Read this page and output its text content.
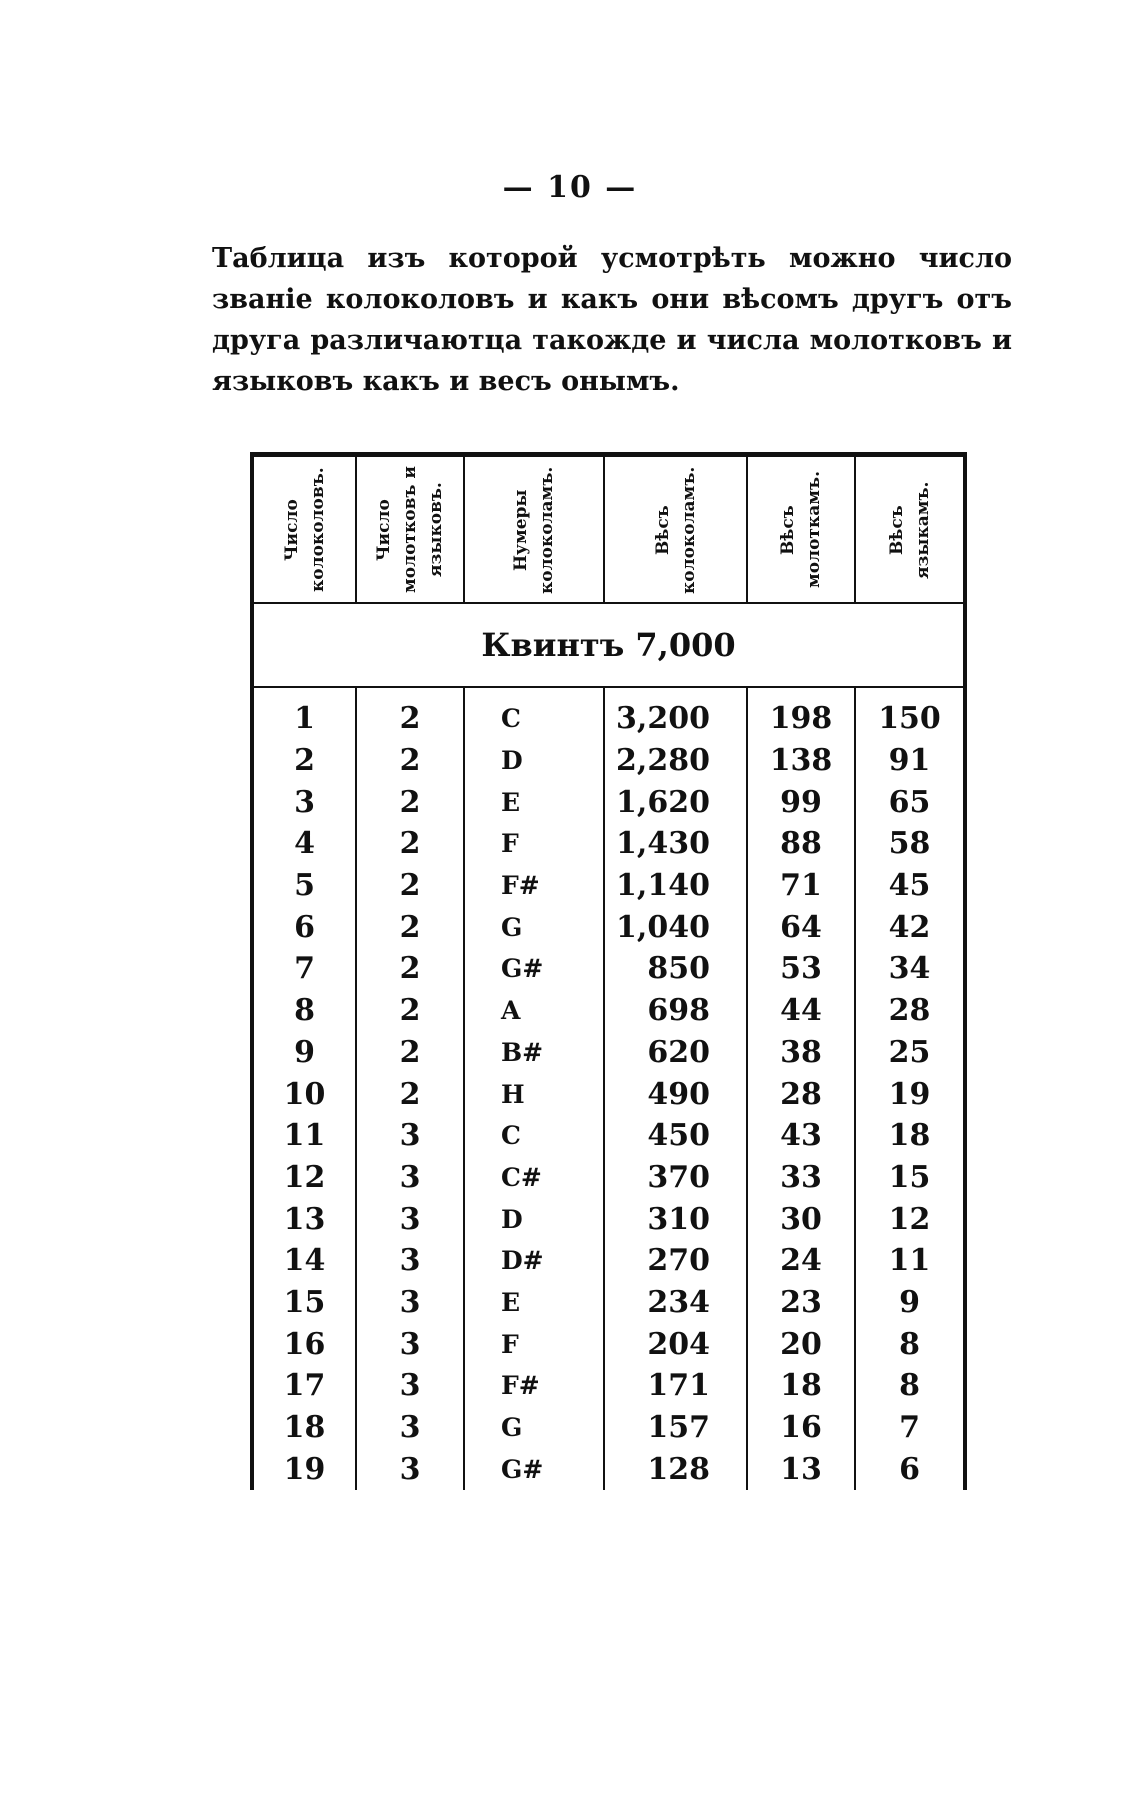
— 10 —

Таблица изъ которой усмотрѣть можно число званіе колоколовъ и какъ они вѣсомъ другъ отъ друга различаютца такожде и числа молотковъ и языковъ какъ и весъ онымъ.

Число колоколовъ.	Число молотковъ и языковъ.	Нумеры колоколамъ.	Вѣсъ колоколамъ.	Вѣсъ молоткамъ.	Вѣсъ языкамъ.

Квинтъ 7,000					
1	2	C	3,200	198	150
2	2	D	2,280	138	91
3	2	E	1,620	99	65
4	2	F	1,430	88	58
5	2	F#	1,140	71	45
6	2	G	1,040	64	42
7	2	G#	850	53	34
8	2	A	698	44	28
9	2	B#	620	38	25
10	2	H	490	28	19
11	3	C	450	43	18
12	3	C#	370	33	15
13	3	D	310	30	12
14	3	D#	270	24	11
15	3	E	234	23	9
16	3	F	204	20	8
17	3	F#	171	18	8
18	3	G	157	16	7
19	3	G#	128	13	6
